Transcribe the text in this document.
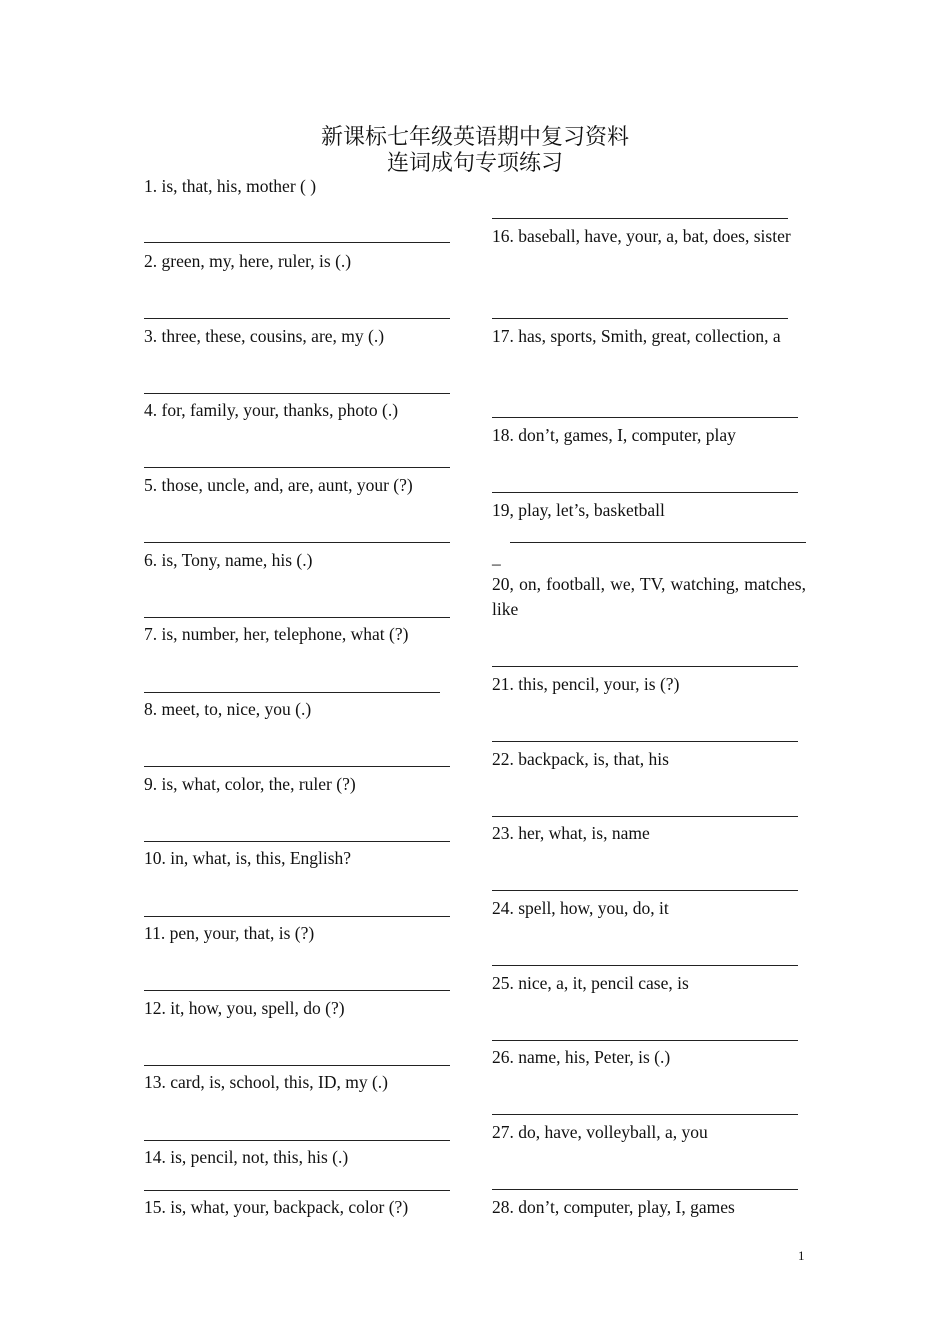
新课标七年级英语期中复习资料
连词成句专项练习
1. is, that, his, mother ( )
2. green, my, here, ruler, is (.)
3. three, these, cousins, are, my (.)
4. for, family, your, thanks, photo (.)
5. those, uncle, and, are, aunt, your (?)
6. is, Tony, name, his (.)
7. is, number, her, telephone, what (?)
8. meet, to, nice, you (.)
9. is, what, color, the, ruler (?)
10. in, what, is, this, English?
11. pen, your, that, is (?)
12. it, how, you, spell, do (?)
13. card, is, school, this, ID, my (.)
14. is, pencil, not, this, his (.)
15. is, what, your, backpack, color (?)
16. baseball, have, your, a, bat, does, sister
17. has, sports, Smith, great, collection, a
18. don’t, games, I, computer, play
19, play, let’s, basketball
_
20, on, football, we, TV, watching, matches, like
21. this, pencil, your, is (?)
22. backpack, is, that, his
23. her, what, is, name
24. spell, how, you, do, it
25. nice, a, it, pencil case, is
26. name, his, Peter, is (.)
27. do, have, volleyball, a, you
28. don’t, computer, play, I, games
1
